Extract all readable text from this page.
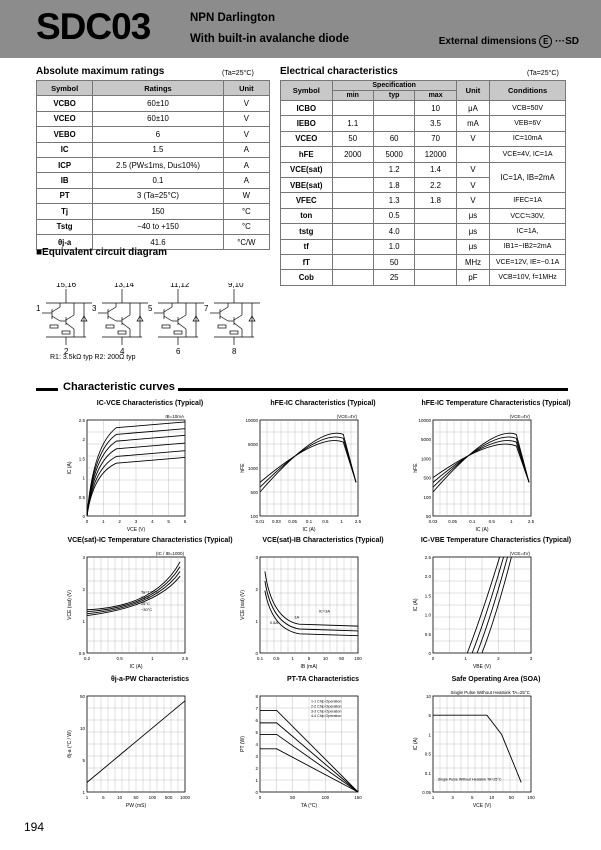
SDC03	NPN Darlington
With built-in avalanche diode	External dimensions E ···SD
Absolute maximum ratings	(Ta=25°C)
Symbol	Ratings	Unit
VCBO	60±10	V
VCEO	60±10	V
VEBO	6	V
IC	1.5	A
ICP	2.5 (PW≤1ms, Du≤10%)	A
IB	0.1	A
PT	3 (Ta=25°C)	W
Tj	150	°C
Tstg	−40 to +150	°C
θj-a	41.6	°C/W
Electrical characteristics	(Ta=25°C)
Symbol	Specification			Unit	Conditions
	min	typ	max		
ICBO			10	μA	VCB=50V
IEBO	1.1		3.5	mA	VEB=6V
VCEO	50	60	70	V	IC=10mA
hFE	2000	5000	12000		VCE=4V, IC=1A
VCE(sat)		1.2	1.4	V	IC=1A, IB=2mA
VBE(sat)		1.8	2.2	V	
VFEC		1.3	1.8	V	IFEC=1A
ton		0.5		μs	VCC≒30V,
tstg		4.0		μs	IC=1A,
tf		1.0		μs	IB1=−IB2=2mA
fT		50		MHz	VCE=12V, IE=−0.1A
Cob		25		pF	VCB=10V, f=1MHz
■Equivalent circuit diagram
15,16	13,14	11,12	9,10
1	3	5	7
2	4	6	8
R1: 3.5kΩ typ R2: 200Ω typ
Characteristic curves
IC-VCE Characteristics (Typical)
0	1	2	3	4	5	6
2.5
2
1.5
1
0.5
0
VCE (V)
IC (A)
IB=10mA
hFE-IC Characteristics (Typical)
0.01 0.03 0.05 0.1 0.5	1	2.5
10000
5000
1000
500
100
IC (A)
hFE
(VCE=4V)
hFE-IC Temperature Characteristics (Typical)
0.03 0.05	0.1	0.5	1	2.5
10000
5000
1000
500
100
50
IC (A)
hFE
(VCE=4V)
VCE(sat)-IC Temperature Characteristics (Typical)
0.2	0.5	1	2.5
3
2
1
0.5
IC (A)
VCE (sat) (V)
(IC / IB=1000)
Ta=125°C
75°C
25°C
−30°C
VCE(sat)-IB Characteristics (Typical)
0.1 0.5	1	5	10	50 100
3
2
1
0
IB (mA)
VCE (sat) (V)	IC=3A
1A
0.5A
IC-VBE Temperature Characteristics (Typical)
0	1	2	3
2.5
2.0
1.5
1.0
0.5
0
VBE (V)
IC (A)
(VCE=4V)
θj-a-PW Characteristics
1	5	10	50 100 500 1000
50
10
5
1
PW (mS)
θj-a (°C / W)
PT-TA Characteristics
0	50	100	150
8
7
6
5
4
3
2
1
0
TA (°C)
PT (W)
1-1 Chip Operation
2-2 Chip Operation
3-3 Chip Operation
4-4 Chip Operation
Safe Operating Area (SOA)
1	3	5	10	50	100
10
5
1
0.5
0.1
0.05
VCE (V)
IC (A)
Single Pulse Without Heatsink TA=25°C
Single Pulse Without Heatsink TA=25°C
194
